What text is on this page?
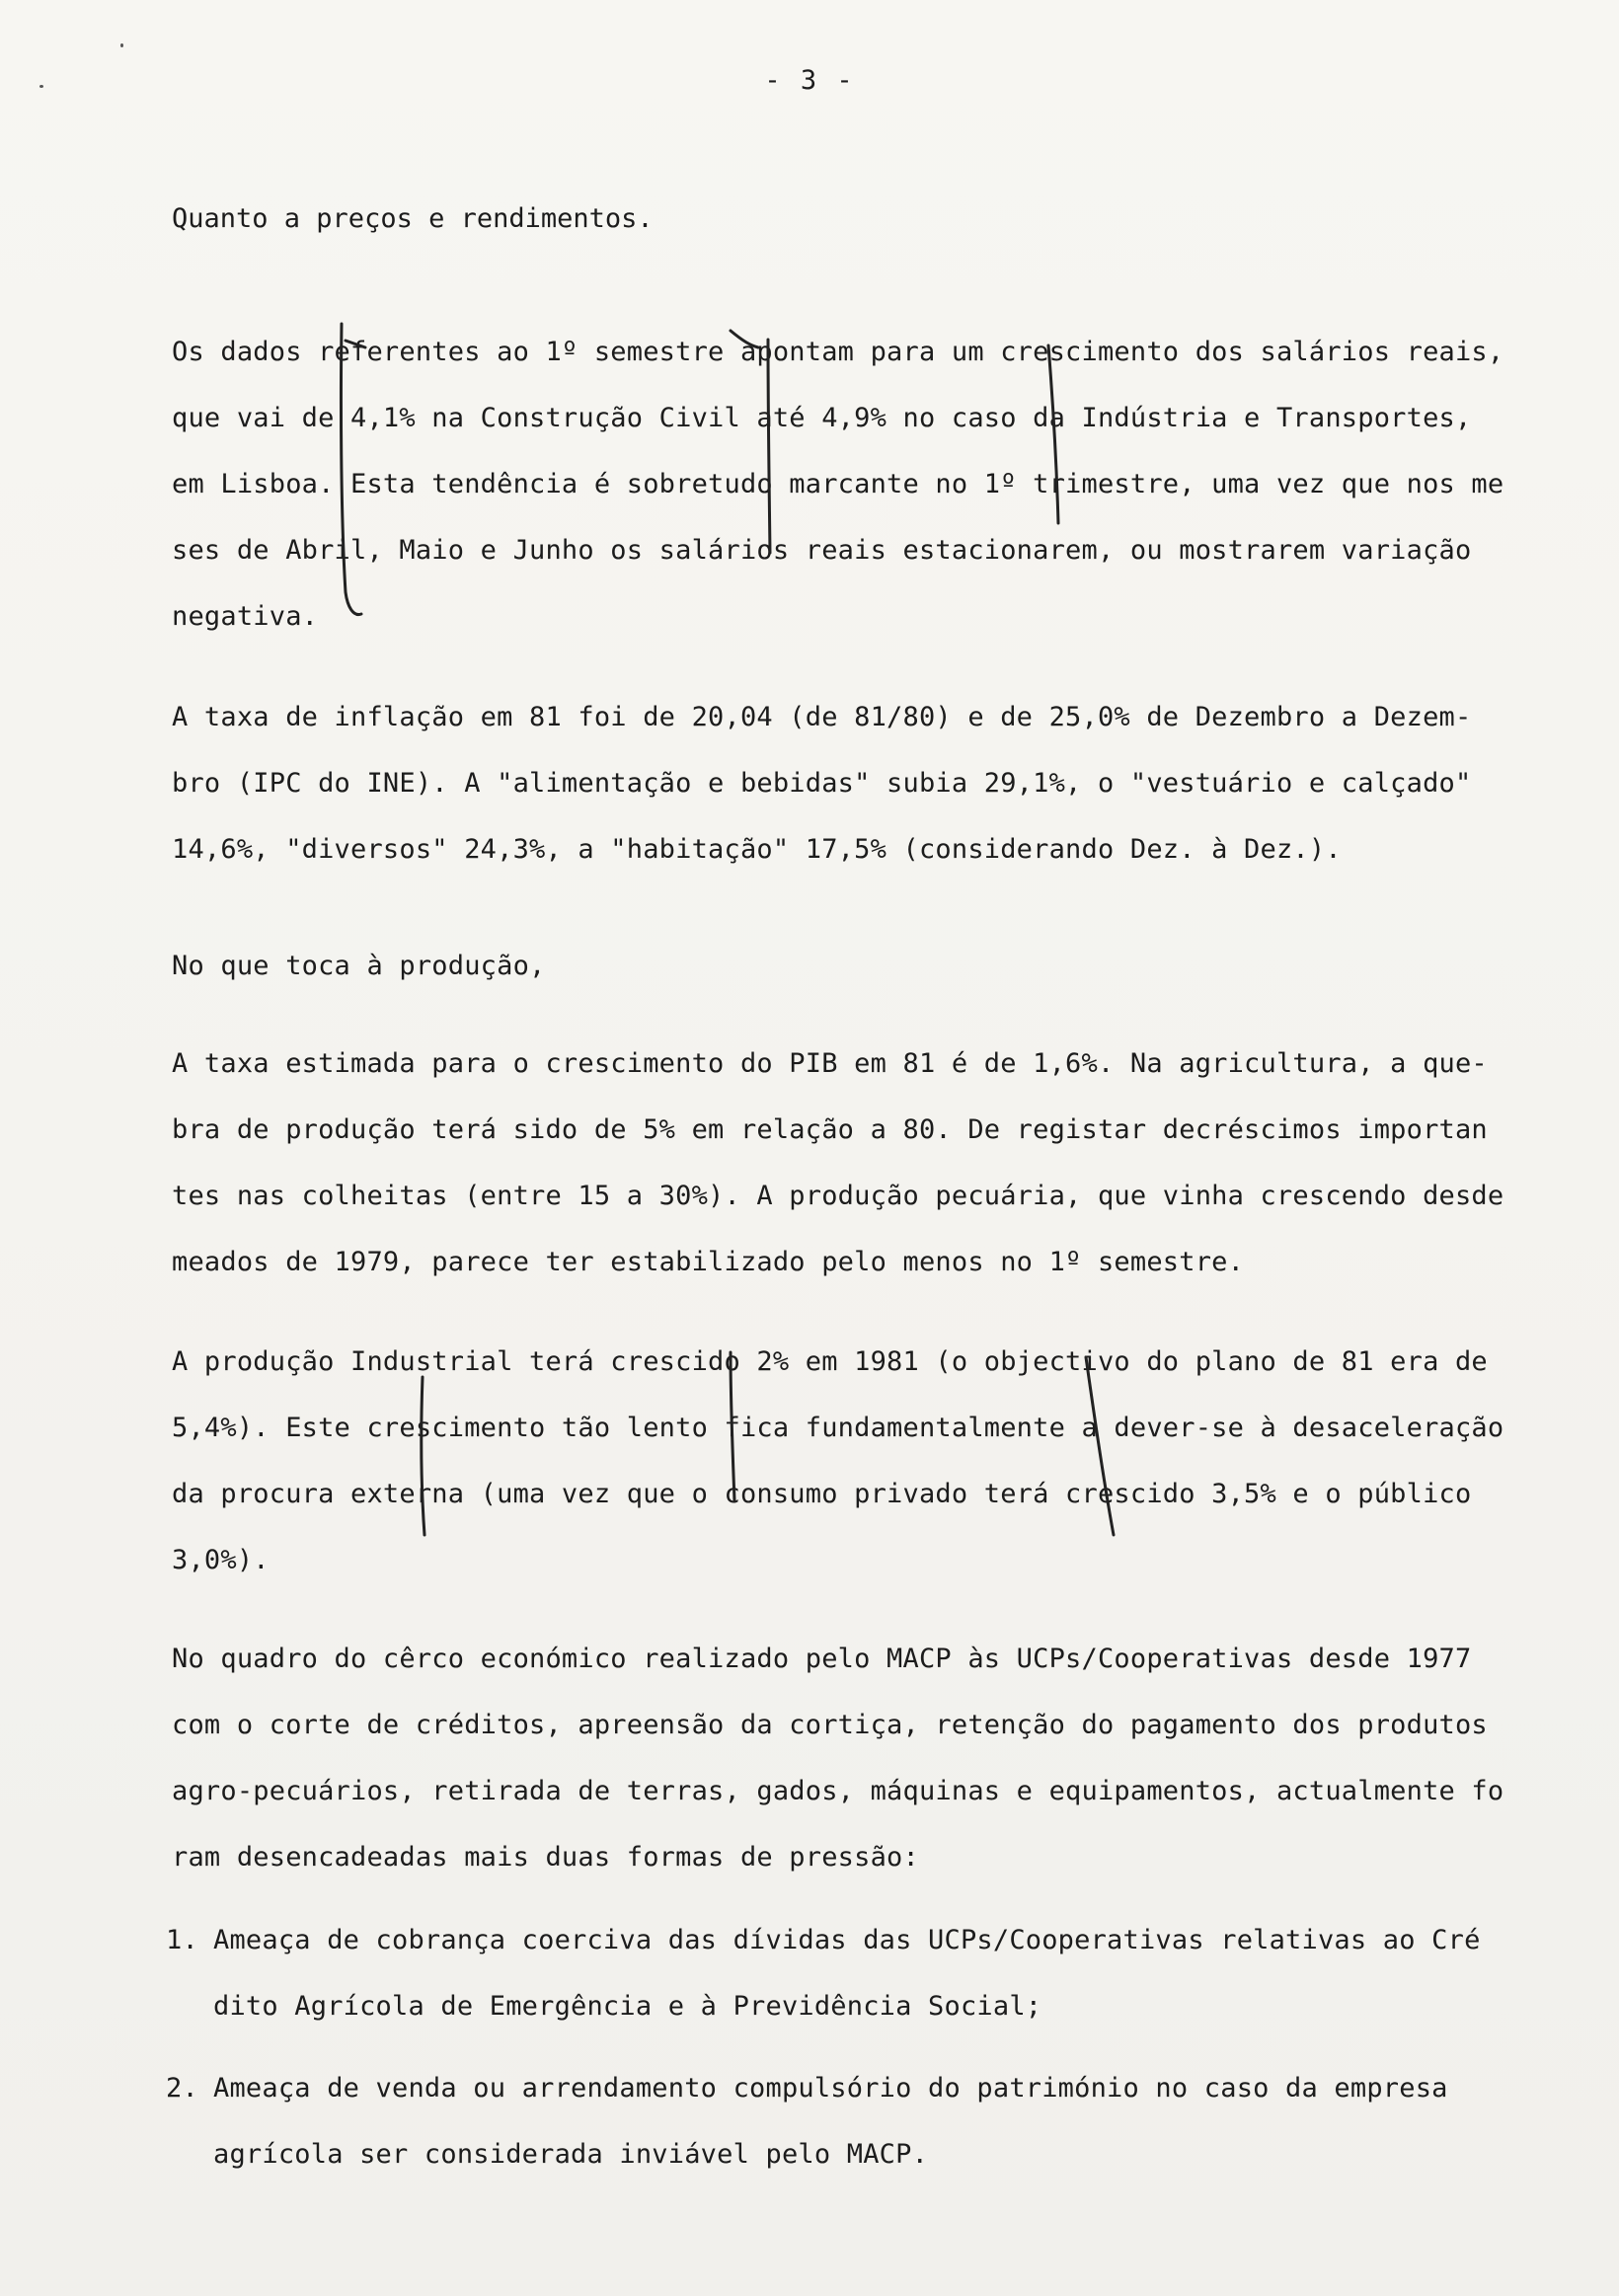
- 3 -
Quanto a preços e rendimentos.
Os dados referentes ao 1º semestre apontam para um crescimento dos salários reais,
que vai de 4,1% na Construção Civil até 4,9% no caso da Indústria e Transportes,
em Lisboa. Esta tendência é sobretudo marcante no 1º trimestre, uma vez que nos me
ses de Abril, Maio e Junho os salários reais estacionarem, ou mostrarem variação
negativa.
A taxa de inflação em 81 foi de 20,04 (de 81/80) e de 25,0% de Dezembro a Dezem-
bro (IPC do INE). A "alimentação e bebidas" subia 29,1%, o "vestuário e calçado"
14,6%, "diversos" 24,3%, a "habitação" 17,5% (considerando Dez. à Dez.).
No que toca à produção,
A taxa estimada para o crescimento do PIB em 81 é de 1,6%. Na agricultura, a que-
bra de produção terá sido de 5% em relação a 80. De registar decréscimos importan
tes nas colheitas (entre 15 a 30%). A produção pecuária, que vinha crescendo desde
meados de 1979, parece ter estabilizado pelo menos no 1º semestre.
A produção Industrial terá crescido 2% em 1981 (o objectivo do plano de 81 era de
5,4%). Este crescimento tão lento fica fundamentalmente a dever-se à desaceleração
da procura externa (uma vez que o consumo privado terá crescido 3,5% e o público
3,0%).
No quadro do cêrco económico realizado pelo MACP às UCPs/Cooperativas desde 1977
com o corte de créditos, apreensão da cortiça, retenção do pagamento dos produtos
agro-pecuários, retirada de terras, gados, máquinas e equipamentos, actualmente fo
ram desencadeadas mais duas formas de pressão:
1. Ameaça de cobrança coerciva das dívidas das UCPs/Cooperativas relativas ao Cré
dito Agrícola de Emergência e à Previdência Social;
2. Ameaça de venda ou arrendamento compulsório do património no caso da empresa
agrícola ser considerada inviável pelo MACP.
